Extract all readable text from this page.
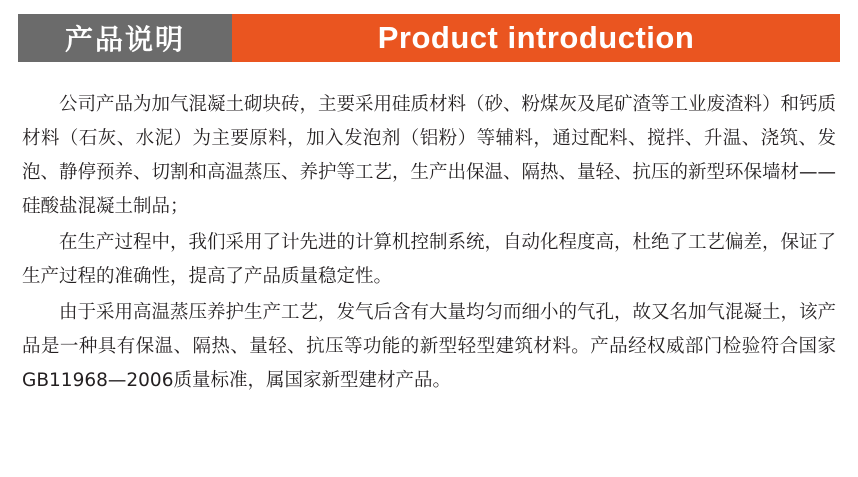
产品说明	Product introduction

公司产品为加气混凝土砌块砖，主要采用硅质材料（砂、粉煤灰及尾矿渣等工业废渣料）和钙质材料（石灰、水泥）为主要原料，加入发泡剂（铝粉）等辅料，通过配料、搅拌、升温、浇筑、发泡、静停预养、切割和高温蒸压、养护等工艺，生产出保温、隔热、量轻、抗压的新型环保墙材——硅酸盐混凝土制品；

在生产过程中，我们采用了计先进的计算机控制系统，自动化程度高，杜绝了工艺偏差，保证了生产过程的准确性，提高了产品质量稳定性。

由于采用高温蒸压养护生产工艺，发气后含有大量均匀而细小的气孔，故又名加气混凝土，该产品是一种具有保温、隔热、量轻、抗压等功能的新型轻型建筑材料。产品经权威部门检验符合国家GB11968—2006质量标准，属国家新型建材产品。
